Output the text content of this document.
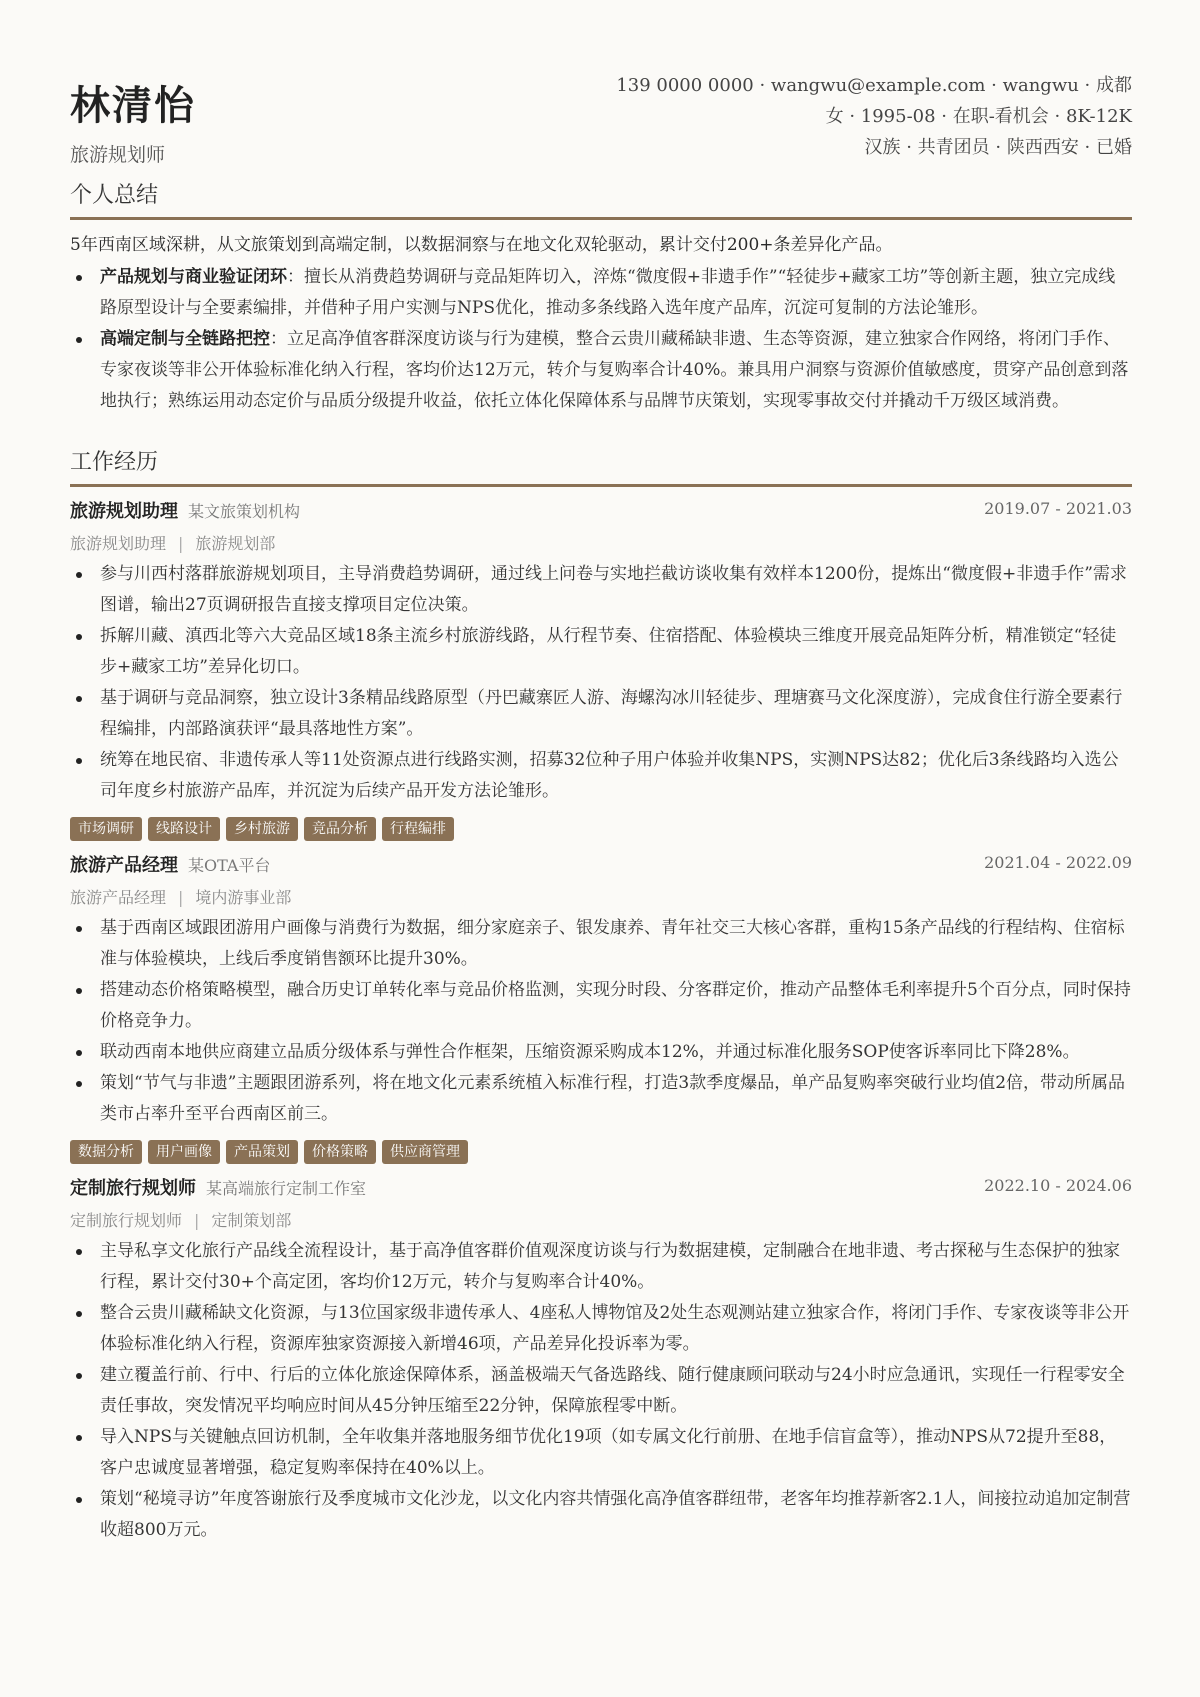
林清怡
旅游规划师
139 0000 0000 · wangwu@example.com · wangwu · 成都
女 · 1995-08 · 在职-看机会 · 8K-12K
汉族 · 共青团员 · 陕西西安 · 已婚
个人总结

5年西南区域深耕，从文旅策划到高端定制，以数据洞察与在地文化双轮驱动，累计交付200+条差异化产品。

产品规划与商业验证闭环：擅长从消费趋势调研与竞品矩阵切入，淬炼“微度假+非遗手作”“轻徒步+藏家工坊”等创新主题，独立完成线路原型设计与全要素编排，并借种子用户实测与NPS优化，推动多条线路入选年度产品库，沉淀可复制的方法论雏形。
高端定制与全链路把控：立足高净值客群深度访谈与行为建模，整合云贵川藏稀缺非遗、生态等资源，建立独家合作网络，将闭门手作、专家夜谈等非公开体验标准化纳入行程，客均价达12万元，转介与复购率合计40%。兼具用户洞察与资源价值敏感度，贯穿产品创意到落地执行；熟练运用动态定价与品质分级提升收益，依托立体化保障体系与品牌节庆策划，实现零事故交付并撬动千万级区域消费。
工作经历
旅游规划助理 某文旅策划机构	2019.07 - 2021.03
旅游规划助理 | 旅游规划部
参与川西村落群旅游规划项目，主导消费趋势调研，通过线上问卷与实地拦截访谈收集有效样本1200份，提炼出“微度假+非遗手作”需求图谱，输出27页调研报告直接支撑项目定位决策。
拆解川藏、滇西北等六大竞品区域18条主流乡村旅游线路，从行程节奏、住宿搭配、体验模块三维度开展竞品矩阵分析，精准锁定“轻徒步+藏家工坊”差异化切口。
基于调研与竞品洞察，独立设计3条精品线路原型（丹巴藏寨匠人游、海螺沟冰川轻徒步、理塘赛马文化深度游），完成食住行游全要素行程编排，内部路演获评“最具落地性方案”。
统筹在地民宿、非遗传承人等11处资源点进行线路实测，招募32位种子用户体验并收集NPS，实测NPS达82；优化后3条线路均入选公司年度乡村旅游产品库，并沉淀为后续产品开发方法论雏形。
市场调研 线路设计 乡村旅游 竞品分析 行程编排
旅游产品经理 某OTA平台	2021.04 - 2022.09
旅游产品经理 | 境内游事业部
基于西南区域跟团游用户画像与消费行为数据，细分家庭亲子、银发康养、青年社交三大核心客群，重构15条产品线的行程结构、住宿标准与体验模块，上线后季度销售额环比提升30%。
搭建动态价格策略模型，融合历史订单转化率与竞品价格监测，实现分时段、分客群定价，推动产品整体毛利率提升5个百分点，同时保持价格竞争力。
联动西南本地供应商建立品质分级体系与弹性合作框架，压缩资源采购成本12%，并通过标准化服务SOP使客诉率同比下降28%。
策划“节气与非遗”主题跟团游系列，将在地文化元素系统植入标准行程，打造3款季度爆品，单产品复购率突破行业均值2倍，带动所属品类市占率升至平台西南区前三。
数据分析 用户画像 产品策划 价格策略 供应商管理
定制旅行规划师 某高端旅行定制工作室	2022.10 - 2024.06
定制旅行规划师 | 定制策划部
主导私享文化旅行产品线全流程设计，基于高净值客群价值观深度访谈与行为数据建模，定制融合在地非遗、考古探秘与生态保护的独家行程，累计交付30+个高定团，客均价12万元，转介与复购率合计40%。
整合云贵川藏稀缺文化资源，与13位国家级非遗传承人、4座私人博物馆及2处生态观测站建立独家合作，将闭门手作、专家夜谈等非公开体验标准化纳入行程，资源库独家资源接入新增46项，产品差异化投诉率为零。
建立覆盖行前、行中、行后的立体化旅途保障体系，涵盖极端天气备选路线、随行健康顾问联动与24小时应急通讯，实现任一行程零安全责任事故，突发情况平均响应时间从45分钟压缩至22分钟，保障旅程零中断。
导入NPS与关键触点回访机制，全年收集并落地服务细节优化19项（如专属文化行前册、在地手信盲盒等），推动NPS从72提升至88，客户忠诚度显著增强，稳定复购率保持在40%以上。
策划“秘境寻访”年度答谢旅行及季度城市文化沙龙，以文化内容共情强化高净值客群纽带，老客年均推荐新客2.1人，间接拉动追加定制营收超800万元。
